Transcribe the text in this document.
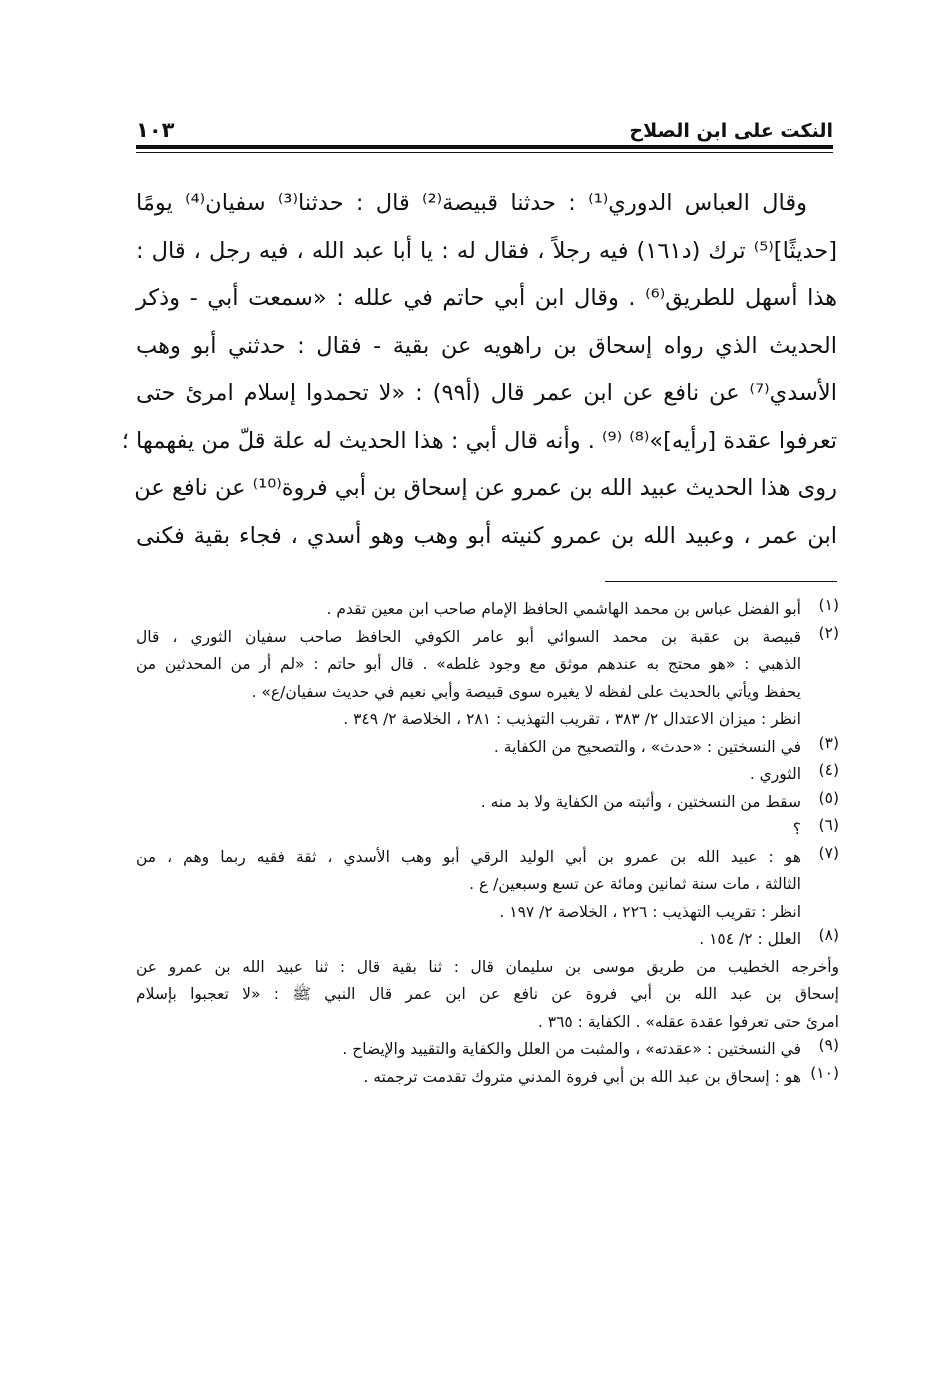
النكت على ابن الصلاح
١٠٣
وقال العباس الدوري⁽¹⁾ : حدثنا قبيصة⁽²⁾ قال : حدثنا⁽³⁾ سفيان⁽⁴⁾ يومًا
[حديثًا]⁽⁵⁾ ترك (د١٦١) فيه رجلاً ، فقال له : يا أبا عبد الله ، فيه رجل ، قال :
هذا أسهل للطريق⁽⁶⁾ . وقال ابن أبي حاتم في علله : «سمعت أبي - وذكر
الحديث الذي رواه إسحاق بن راهويه عن بقية - فقال : حدثني أبو وهب
الأسدي⁽⁷⁾ عن نافع عن ابن عمر قال (أ٩٩) : «لا تحمدوا إسلام امرئ حتى
تعرفوا عقدة [رأيه]»⁽⁸⁾ ⁽⁹⁾ . وأنه قال أبي : هذا الحديث له علة قلّ من يفهمها ؛
روى هذا الحديث عبيد الله بن عمرو عن إسحاق بن أبي فروة⁽¹⁰⁾ عن نافع عن
ابن عمر ، وعبيد الله بن عمرو كنيته أبو وهب وهو أسدي ، فجاء بقية فكنى
(١)
أبو الفضل عباس بن محمد الهاشمي الحافظ الإمام صاحب ابن معين تقدم .
(٢)
قبيصة بن عقبة بن محمد السوائي أبو عامر الكوفي الحافظ صاحب سفيان الثوري ، قال
الذهبي : «هو محتج به عندهم موثق مع وجود غلطه» . قال أبو حاتم : «لم أر من المحدثين من
يحفظ ويأتي بالحديث على لفظه لا يغيره سوى قبيصة وأبي نعيم في حديث سفيان/ع» .
انظر : ميزان الاعتدال ٢/ ٣٨٣ ، تقريب التهذيب : ٢٨١ ، الخلاصة ٢/ ٣٤٩ .
(٣)
في النسختين : «حدث» ، والتصحيح من الكفاية .
(٤)
الثوري .
(٥)
سقط من النسختين ، وأثبته من الكفاية ولا بد منه .
(٦)
؟
(٧)
هو : عبيد الله بن عمرو بن أبي الوليد الرقي أبو وهب الأسدي ، ثقة فقيه ربما وهم ، من
الثالثة ، مات سنة ثمانين ومائة عن تسع وسبعين/ ع .
انظر : تقريب التهذيب : ٢٢٦ ، الخلاصة ٢/ ١٩٧ .
(٨)
العلل : ٢/ ١٥٤ .
وأخرجه الخطيب من طريق موسى بن سليمان قال : ثنا بقية قال : ثنا عبيد الله بن عمرو عن
إسحاق بن عبد الله بن أبي فروة عن نافع عن ابن عمر قال النبي ﷺ : «لا تعجبوا بإسلام
امرئ حتى تعرفوا عقدة عقله» . الكفاية : ٣٦٥ .
(٩)
في النسختين : «عقدته» ، والمثبت من العلل والكفاية والتقييد والإيضاح .
(١٠)
هو : إسحاق بن عبد الله بن أبي فروة المدني متروك تقدمت ترجمته .
